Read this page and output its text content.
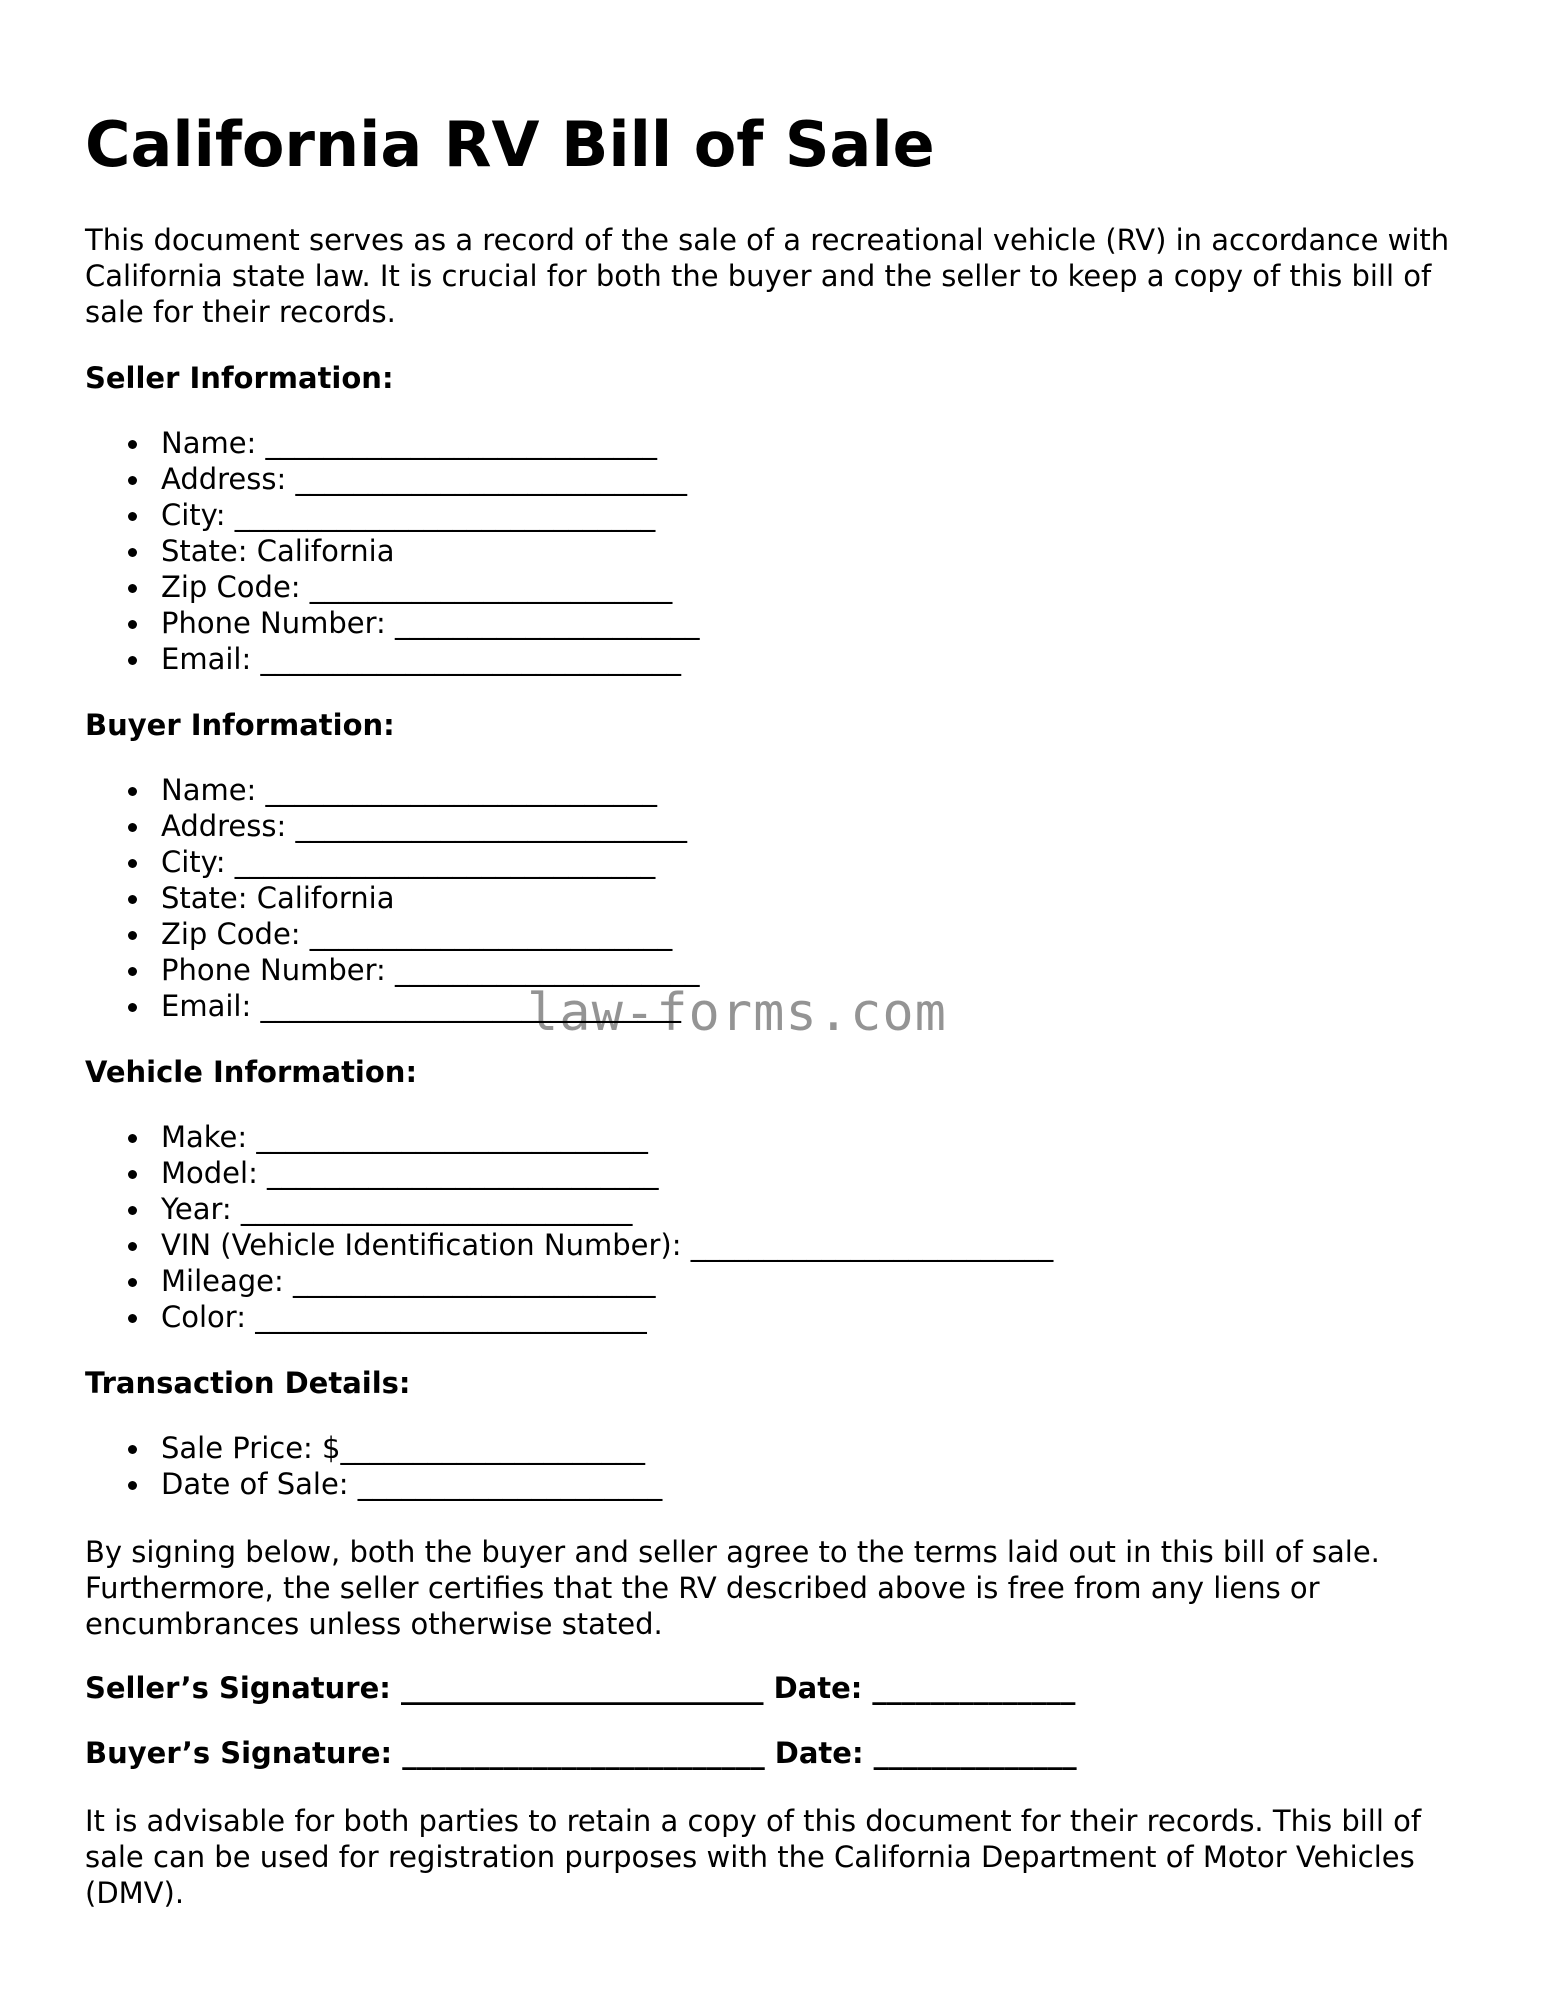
California RV Bill of Sale

This document serves as a record of the sale of a recreational vehicle (RV) in accordance with California state law. It is crucial for both the buyer and the seller to keep a copy of this bill of sale for their records.

Seller Information:
Name: ___________________________
Address: ___________________________
City: _____________________________
State: California
Zip Code: _________________________
Phone Number: _____________________
Email: _____________________________
Buyer Information:
Name: ___________________________
Address: ___________________________
City: _____________________________
State: California
Zip Code: _________________________
Phone Number: _____________________
Email: _____________________________
Vehicle Information:
Make: ___________________________
Model: ___________________________
Year: ___________________________
VIN (Vehicle Identification Number): _________________________
Mileage: _________________________
Color: ___________________________
Transaction Details:
Sale Price: $_____________________
Date of Sale: _____________________

By signing below, both the buyer and seller agree to the terms laid out in this bill of sale. Furthermore, the seller certifies that the RV described above is free from any liens or encumbrances unless otherwise stated.

Seller’s Signature: _________________________ Date: ______________
Buyer’s Signature: _________________________ Date: ______________

It is advisable for both parties to retain a copy of this document for their records. This bill of sale can be used for registration purposes with the California Department of Motor Vehicles (DMV).

law-forms.com
